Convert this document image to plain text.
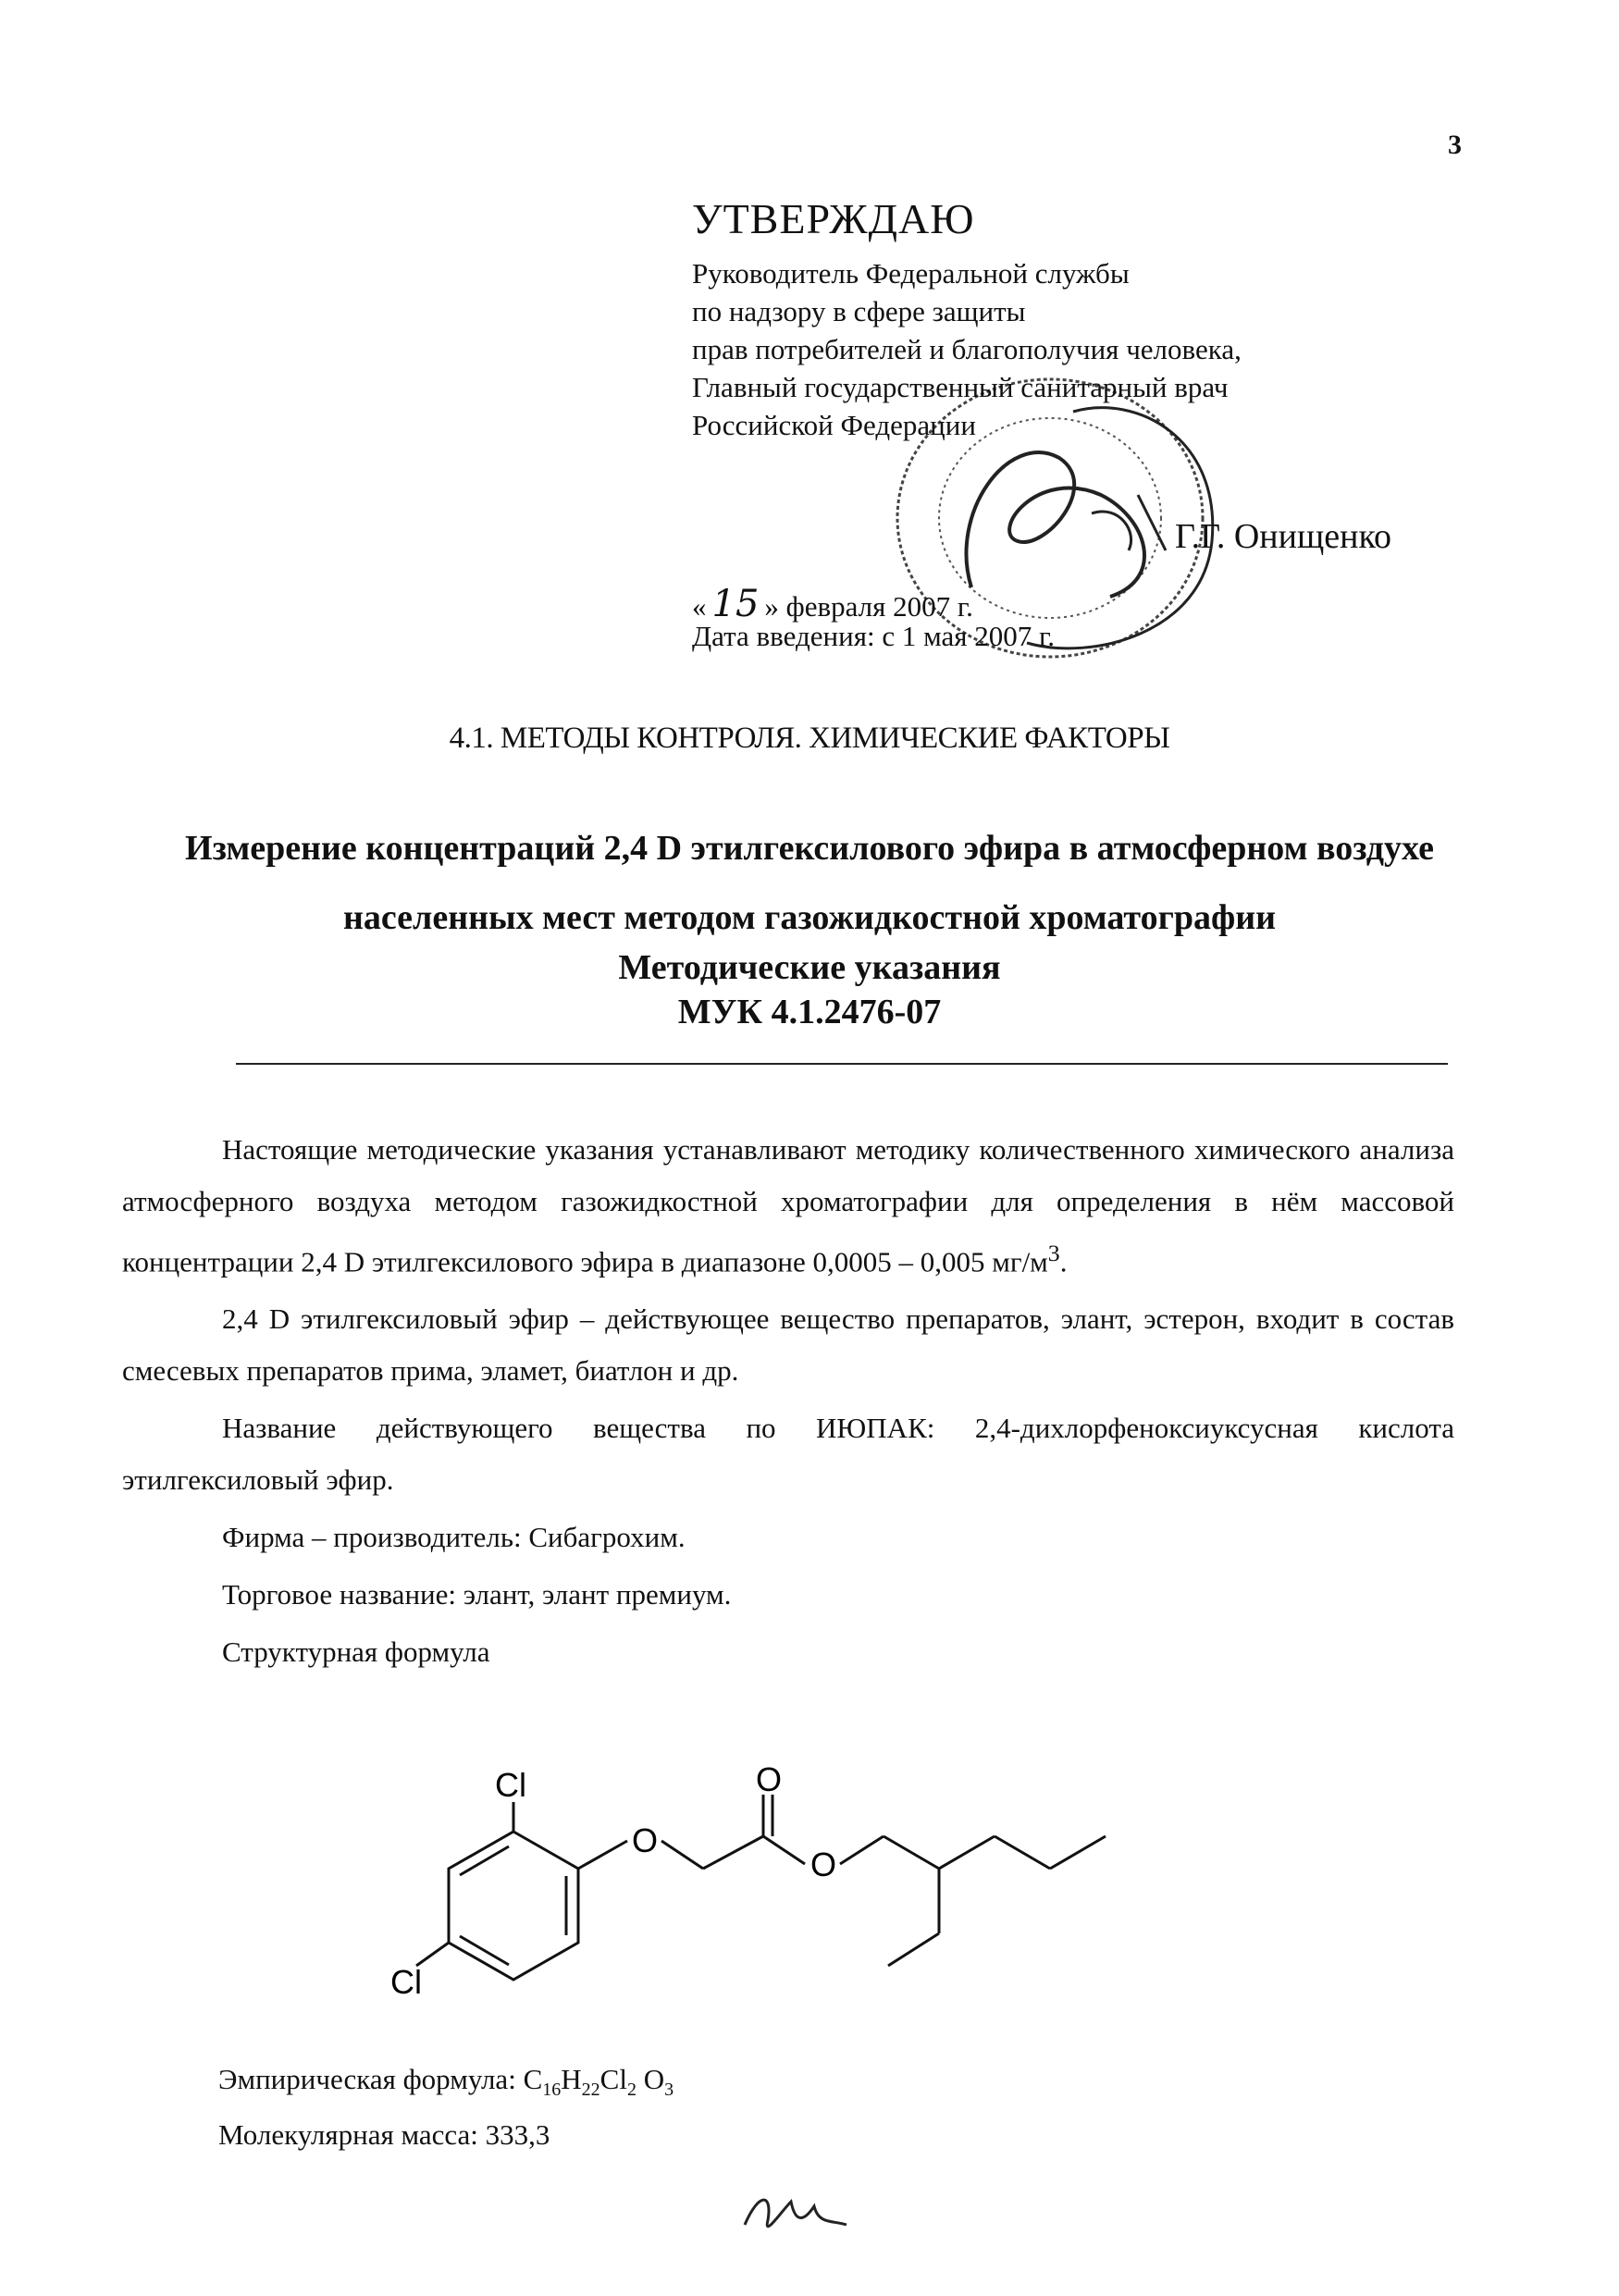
3
УТВЕРЖДАЮ
Руководитель Федеральной службы
по надзору в сфере защиты
прав потребителей и благополучия человека,
Главный государственный санитарный врач
Российской Федерации
Г.Г. Онищенко
« 15 » февраля 2007 г.
Дата введения: с 1 мая 2007 г.
4.1. МЕТОДЫ КОНТРОЛЯ. ХИМИЧЕСКИЕ ФАКТОРЫ
Измерение концентраций 2,4 D этилгексилового эфира в атмосферном воздухе населенных мест методом газожидкостной хроматографии
Методические указания
МУК 4.1.2476-07

Настоящие методические указания устанавливают методику количественного химического анализа атмосферного воздуха методом газожидкостной хроматографии для определения в нём массовой концентрации 2,4 D этилгексилового эфира в диапазоне 0,0005 – 0,005 $мг/м^3$.

2,4 D этилгексиловый эфир – действующее вещество препаратов, элант, эстерон, входит в состав смесевых препаратов прима, эламет, биатлон и др.

Название действующего вещества по ИЮПАК: 2,4-дихлорфеноксиуксусная кислота этилгексиловый эфир.

Фирма – производитель: Сибагрохим.

Торговое название: элант, элант премиум.

Структурная формула

Cl
Cl
O
O
O
Эмпирическая формула: $C_{16}H_{22}Cl_2$ $O_3$
Молекулярная масса: 333,3
